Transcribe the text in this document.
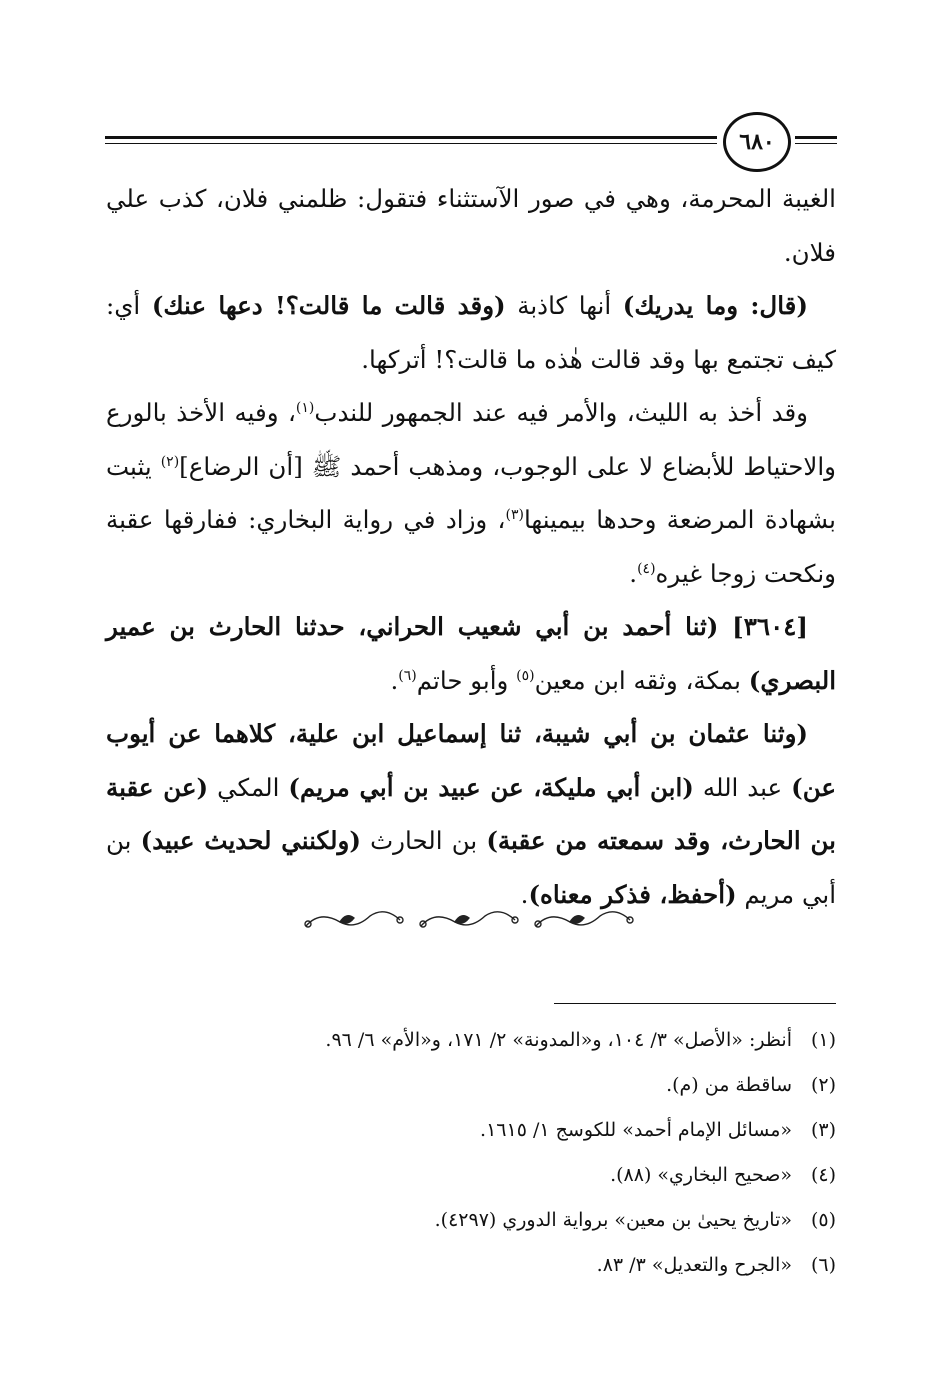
٦٨٠

الغيبة المحرمة، وهي في صور الآستثناء فتقول: ظلمني فلان، كذب علي فلان.

(قال: وما يدريك) أنها كاذبة (وقد قالت ما قالت؟! دعها عنك) أي: كيف تجتمع بها وقد قالت هٰذه ما قالت؟! أتركها.

وقد أخذ به الليث، والأمر فيه عند الجمهور للندب$^{(١)}$، وفيه الأخذ بالورع والاحتياط للأبضاع لا على الوجوب، ومذهب أحمد ﷺ [أن الرضاع]$^{(٢)}$ يثبت بشهادة المرضعة وحدها بيمينها$^{(٣)}$، وزاد في رواية البخاري: ففارقها عقبة ونكحت زوجا غيره$^{(٤)}$.

[٣٦٠٤] (ثنا أحمد بن أبي شعيب الحراني، حدثنا الحارث بن عمير البصري) بمكة، وثقه ابن معين$^{(٥)}$ وأبو حاتم$^{(٦)}$.

(وثنا عثمان بن أبي شيبة، ثنا إسماعيل ابن علية، كلاهما عن أيوب عن) عبد الله (ابن أبي مليكة، عن عبيد بن أبي مريم) المكي (عن عقبة بن الحارث، وقد سمعته من عقبة) بن الحارث (ولكنني لحديث عبيد) بن أبي مريم (أحفظ، فذكر معناه).

(١)
أنظر: «الأصل» ٣/ ١٠٤، و«المدونة» ٢/ ١٧١، و«الأم» ٦/ ٩٦.
(٢)
ساقطة من (م).
(٣)
«مسائل الإمام أحمد» للكوسج ١/ ١٦١٥.
(٤)
«صحيح البخاري» (٨٨).
(٥)
«تاريخ يحيىٰ بن معين» برواية الدوري (٤٢٩٧).
(٦)
«الجرح والتعديل» ٣/ ٨٣.
